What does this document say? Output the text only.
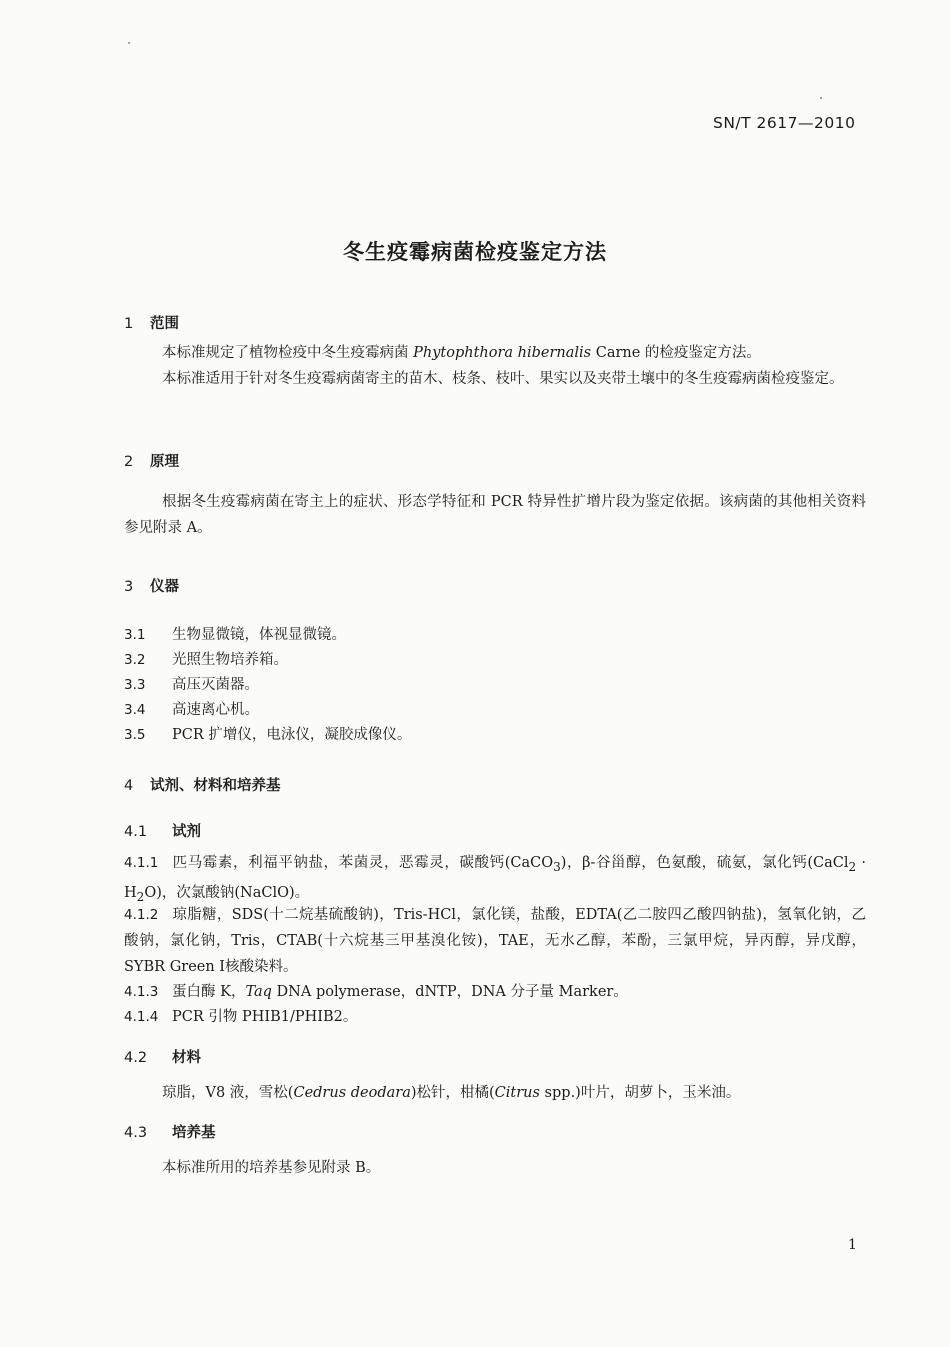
SN/T 2617—2010
冬生疫霉病菌检疫鉴定方法
1 范围
本标准规定了植物检疫中冬生疫霉病菌 Phytophthora hibernalis Carne 的检疫鉴定方法。
本标准适用于针对冬生疫霉病菌寄主的苗木、枝条、枝叶、果实以及夹带土壤中的冬生疫霉病菌检疫鉴定。
2 原理
根据冬生疫霉病菌在寄主上的症状、形态学特征和 PCR 特异性扩增片段为鉴定依据。该病菌的其他相关资料参见附录 A。
3 仪器
3.1 生物显微镜，体视显微镜。
3.2 光照生物培养箱。
3.3 高压灭菌器。
3.4 高速离心机。
3.5 PCR 扩增仪，电泳仪，凝胶成像仪。
4 试剂、材料和培养基
4.1 试剂
4.1.1 匹马霉素，利福平钠盐，苯菌灵，恶霉灵，碳酸钙(CaCO$_3$)，β-谷甾醇，色氨酸，硫氨，氯化钙(CaCl$_2$ · $H_2O$)，次氯酸钠(NaClO)。
4.1.2 琼脂糖，SDS(十二烷基硫酸钠)，Tris-HCl，氯化镁，盐酸，EDTA(乙二胺四乙酸四钠盐)，氢氧化钠，乙酸钠，氯化钠，Tris，CTAB(十六烷基三甲基溴化铵)，TAE，无水乙醇，苯酚，三氯甲烷，异丙醇，异戊醇，SYBR Green Ⅰ核酸染料。
4.1.3 蛋白酶 K，Taq DNA polymerase，dNTP，DNA 分子量 Marker。
4.1.4 PCR 引物 PHIB1/PHIB2。
4.2 材料
琼脂，V8 液，雪松(Cedrus deodara)松针，柑橘(Citrus spp.)叶片，胡萝卜，玉米油。
4.3 培养基
本标准所用的培养基参见附录 B。
1
